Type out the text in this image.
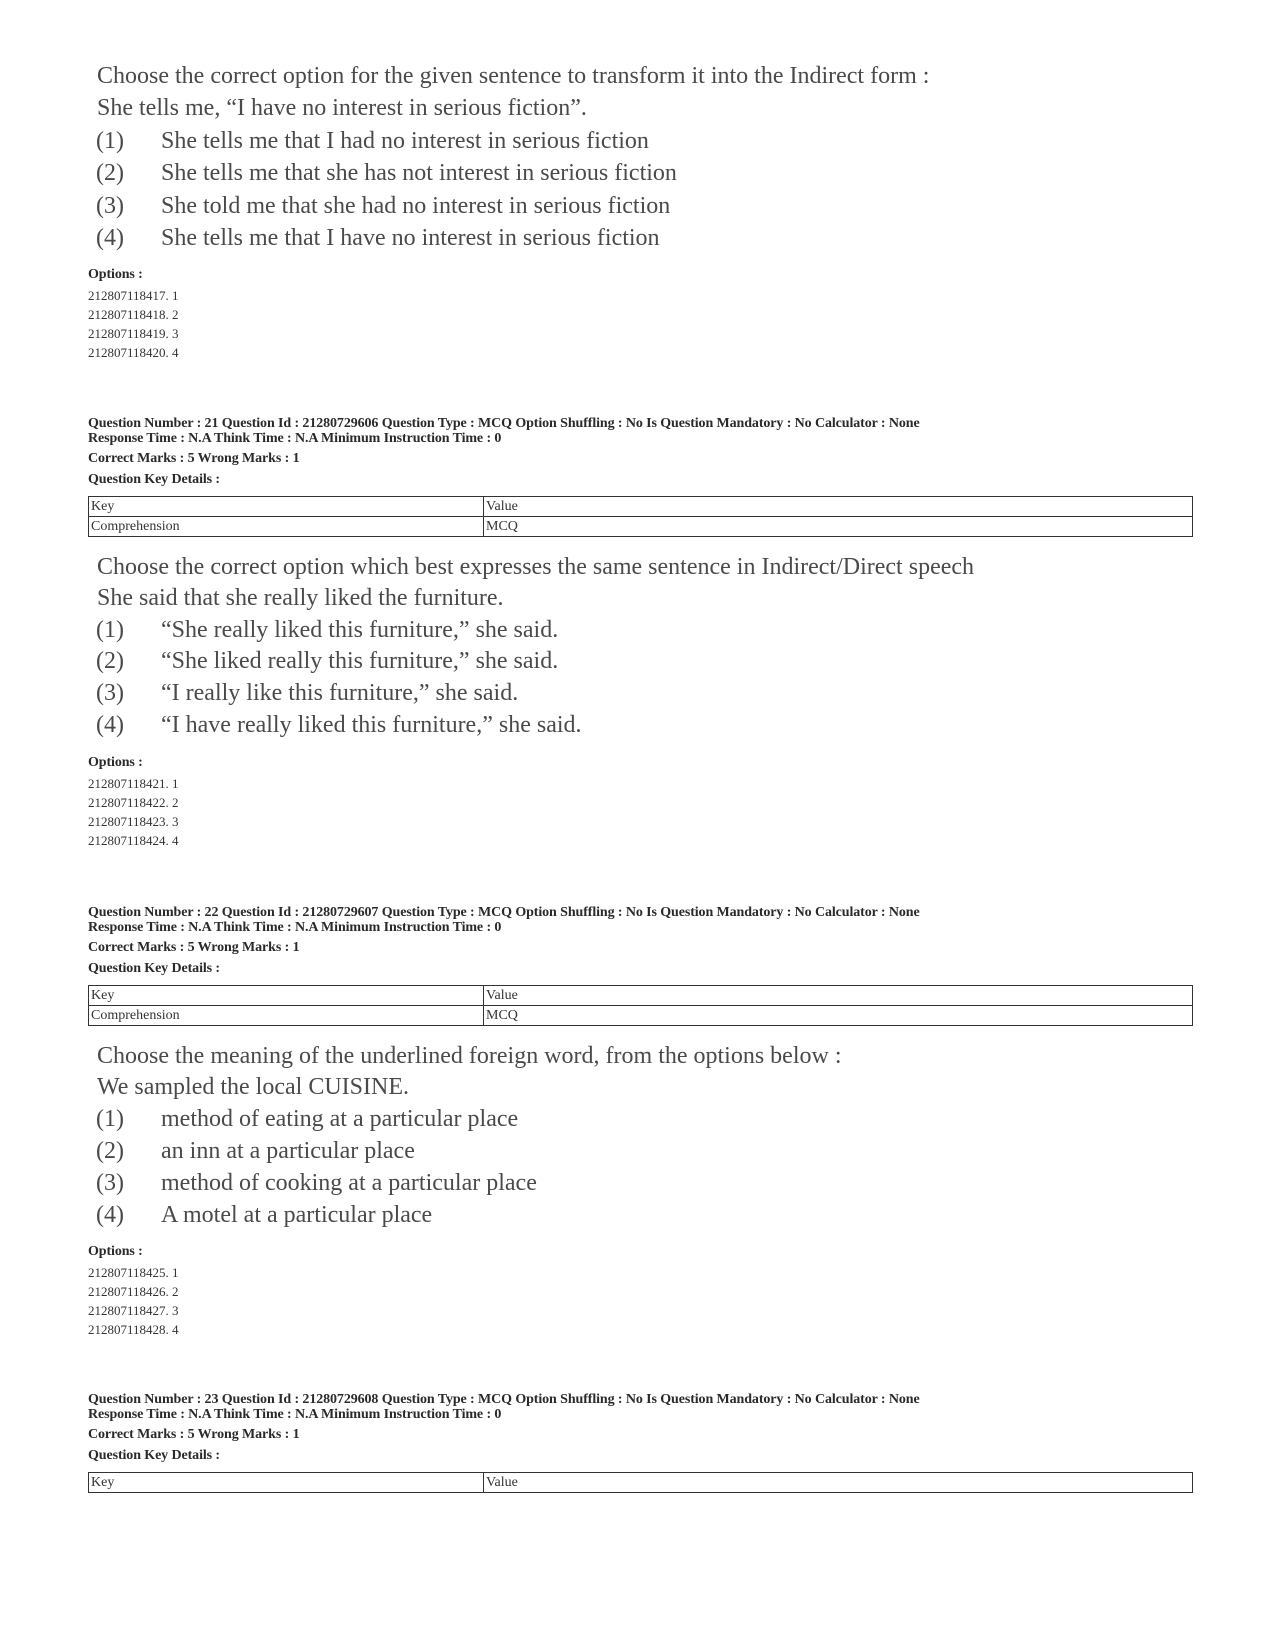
Choose the correct option for the given sentence to transform it into the Indirect form :
She tells me, “I have no interest in serious fiction”.
(1) She tells me that I had no interest in serious fiction
(2) She tells me that she has not interest in serious fiction
(3) She told me that she had no interest in serious fiction
(4) She tells me that I have no interest in serious fiction
Options :
212807118417. 1
212807118418. 2
212807118419. 3
212807118420. 4
Question Number : 21 Question Id : 21280729606 Question Type : MCQ Option Shuffling : No Is Question Mandatory : No Calculator : None
Response Time : N.A Think Time : N.A Minimum Instruction Time : 0
Correct Marks : 5 Wrong Marks : 1
Question Key Details :
Key	Value
Comprehension	MCQ
Choose the correct option which best expresses the same sentence in Indirect/Direct speech
She said that she really liked the furniture.
(1) “She really liked this furniture,” she said.
(2) “She liked really this furniture,” she said.
(3) “I really like this furniture,” she said.
(4) “I have really liked this furniture,” she said.
Options :
212807118421. 1
212807118422. 2
212807118423. 3
212807118424. 4
Question Number : 22 Question Id : 21280729607 Question Type : MCQ Option Shuffling : No Is Question Mandatory : No Calculator : None
Response Time : N.A Think Time : N.A Minimum Instruction Time : 0
Correct Marks : 5 Wrong Marks : 1
Question Key Details :
Key	Value
Comprehension	MCQ
Choose the meaning of the underlined foreign word, from the options below :
We sampled the local CUISINE.
(1) method of eating at a particular place
(2) an inn at a particular place
(3) method of cooking at a particular place
(4) A motel at a particular place
Options :
212807118425. 1
212807118426. 2
212807118427. 3
212807118428. 4
Question Number : 23 Question Id : 21280729608 Question Type : MCQ Option Shuffling : No Is Question Mandatory : No Calculator : None
Response Time : N.A Think Time : N.A Minimum Instruction Time : 0
Correct Marks : 5 Wrong Marks : 1
Question Key Details :
Key	Value
